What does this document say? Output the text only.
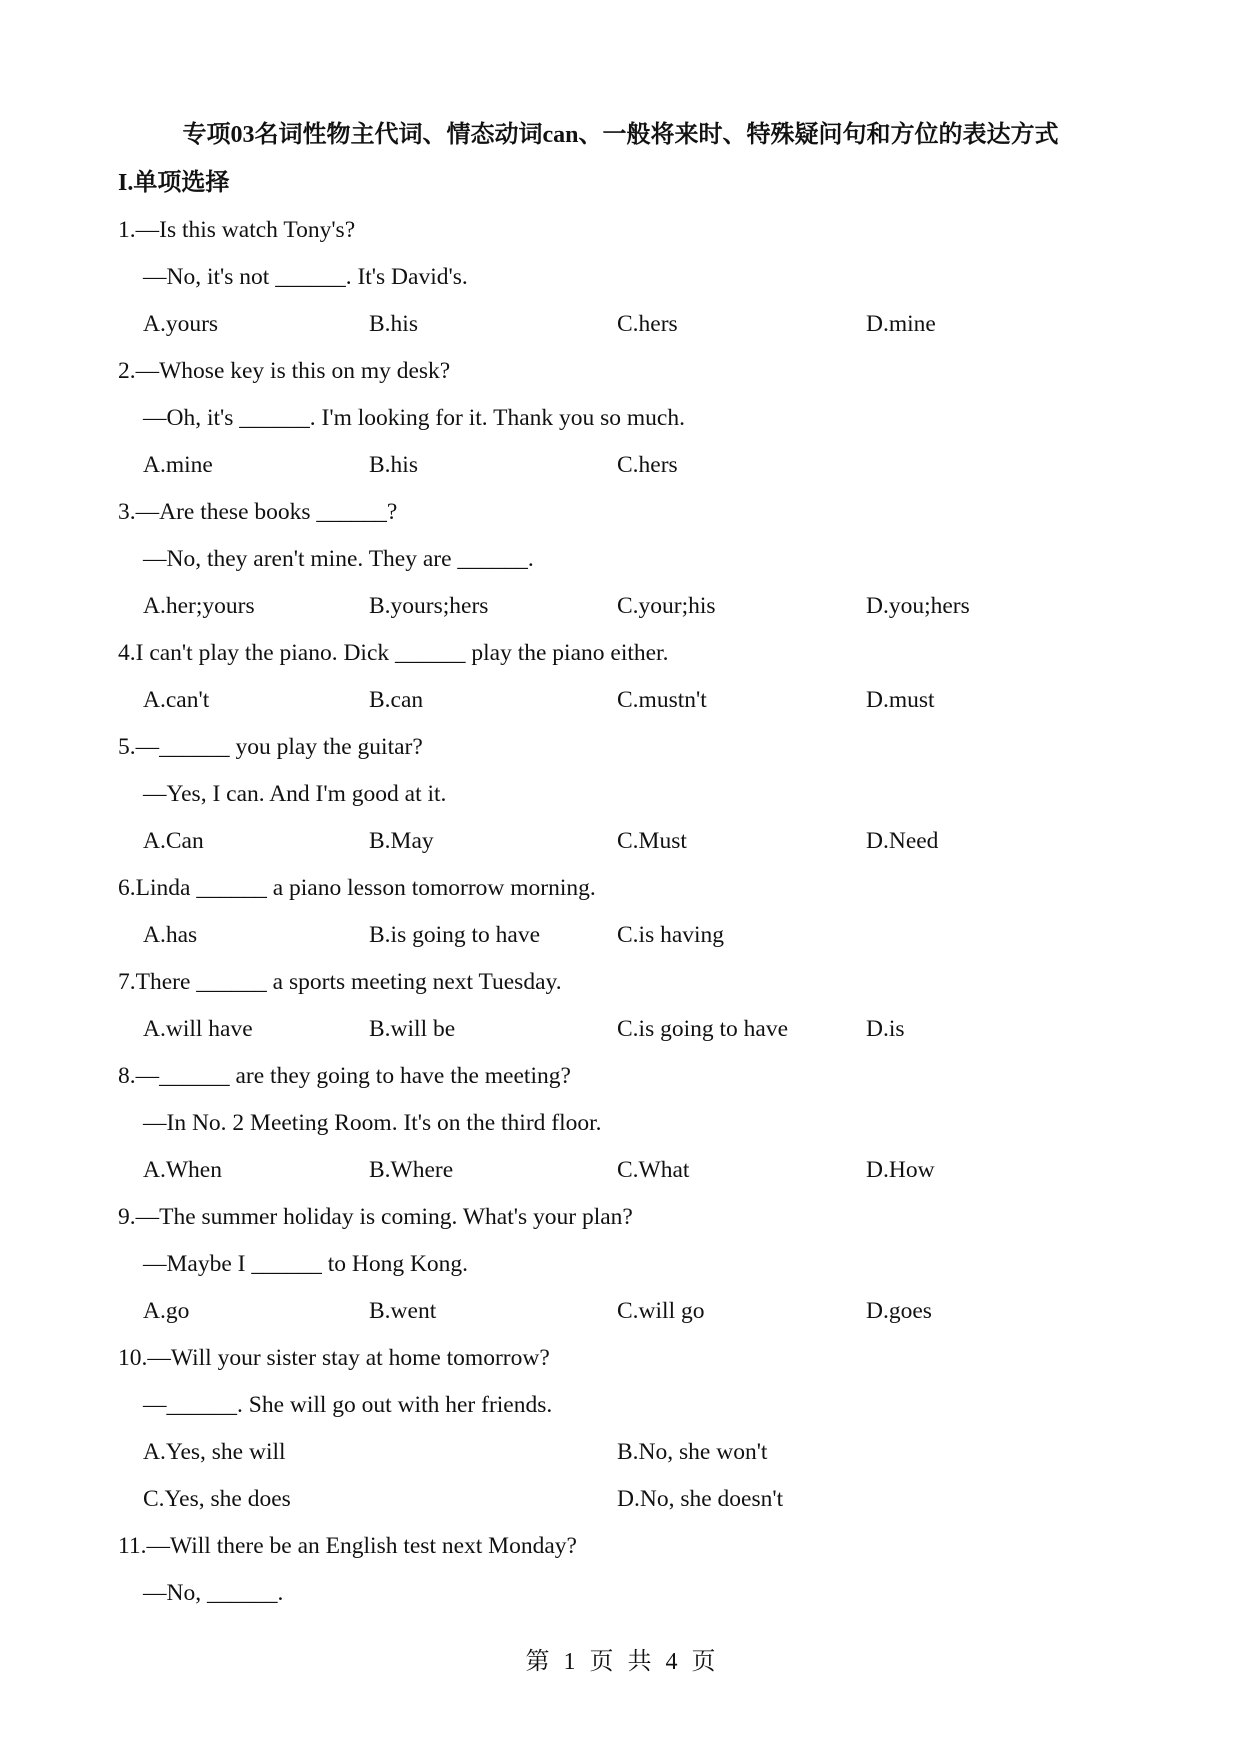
专项03名词性物主代词、情态动词can、一般将来时、特殊疑问句和方位的表达方式
I.单项选择
1.—Is this watch Tony's?
—No, it's not ______. It's David's.
A.yours	B.his	C.hers	D.mine
2.—Whose key is this on my desk?
—Oh, it's ______. I'm looking for it. Thank you so much.
A.mine	B.his	C.hers
3.—Are these books ______?
—No, they aren't mine. They are ______.
A.her;yours	B.yours;hers	C.your;his	D.you;hers
4.I can't play the piano. Dick ______ play the piano either.
A.can't	B.can	C.mustn't	D.must
5.—______ you play the guitar?
—Yes, I can. And I'm good at it.
A.Can	B.May	C.Must	D.Need
6.Linda ______ a piano lesson tomorrow morning.
A.has	B.is going to have	C.is having
7.There ______ a sports meeting next Tuesday.
A.will have	B.will be	C.is going to have	D.is
8.—______ are they going to have the meeting?
—In No. 2 Meeting Room. It's on the third floor.
A.When	B.Where	C.What	D.How
9.—The summer holiday is coming. What's your plan?
—Maybe I ______ to Hong Kong.
A.go	B.went	C.will go	D.goes
10.—Will your sister stay at home tomorrow?
—______. She will go out with her friends.
A.Yes, she will	B.No, she won't
C.Yes, she does	D.No, she doesn't
11.—Will there be an English test next Monday?
—No, ______.
第 1 页 共 4 页
